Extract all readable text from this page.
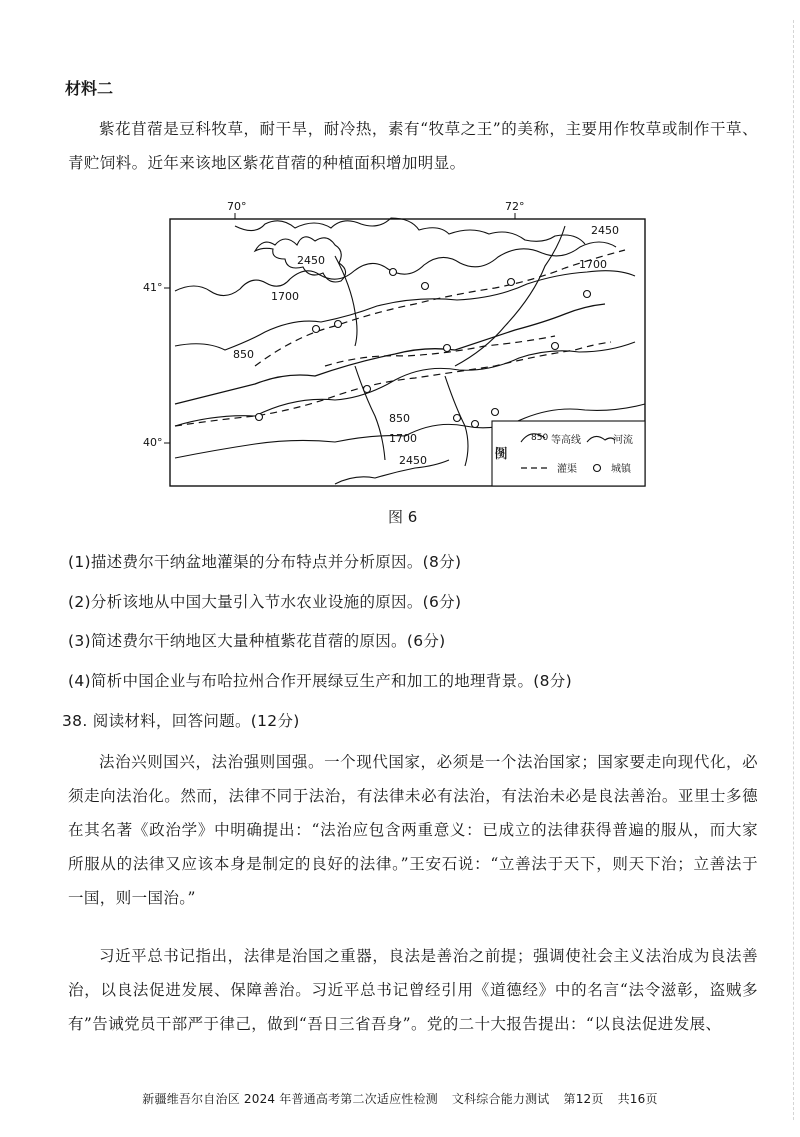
材料二
紫花苜蓿是豆科牧草，耐干旱，耐冷热，素有“牧草之王”的美称，主要用作牧草或制作干草、青贮饲料。近年来该地区紫花苜蓿的种植面积增加明显。
70°	72°
41°
40°
2450
1700
2450
1700
850
850
1700
2450
图例
850 等高线	河流
灌渠	城镇
图 6
(1)描述费尔干纳盆地灌渠的分布特点并分析原因。(8分)
(2)分析该地从中国大量引入节水农业设施的原因。(6分)
(3)简述费尔干纳地区大量种植紫花苜蓿的原因。(6分)
(4)简析中国企业与布哈拉州合作开展绿豆生产和加工的地理背景。(8分)
38. 阅读材料，回答问题。(12分)
法治兴则国兴，法治强则国强。一个现代国家，必须是一个法治国家；国家要走向现代化，必须走向法治化。然而，法律不同于法治，有法律未必有法治，有法治未必是良法善治。亚里士多德在其名著《政治学》中明确提出：“法治应包含两重意义：已成立的法律获得普遍的服从，而大家所服从的法律又应该本身是制定的良好的法律。”王安石说：“立善法于天下，则天下治；立善法于一国，则一国治。”
习近平总书记指出，法律是治国之重器，良法是善治之前提；强调使社会主义法治成为良法善治，以良法促进发展、保障善治。习近平总书记曾经引用《道德经》中的名言“法令滋彰，盗贼多有”告诫党员干部严于律己，做到“吾日三省吾身”。党的二十大报告提出：“以良法促进发展、
新疆维吾尔自治区 2024 年普通高考第二次适应性检测 文科综合能力测试 第12页 共16页
